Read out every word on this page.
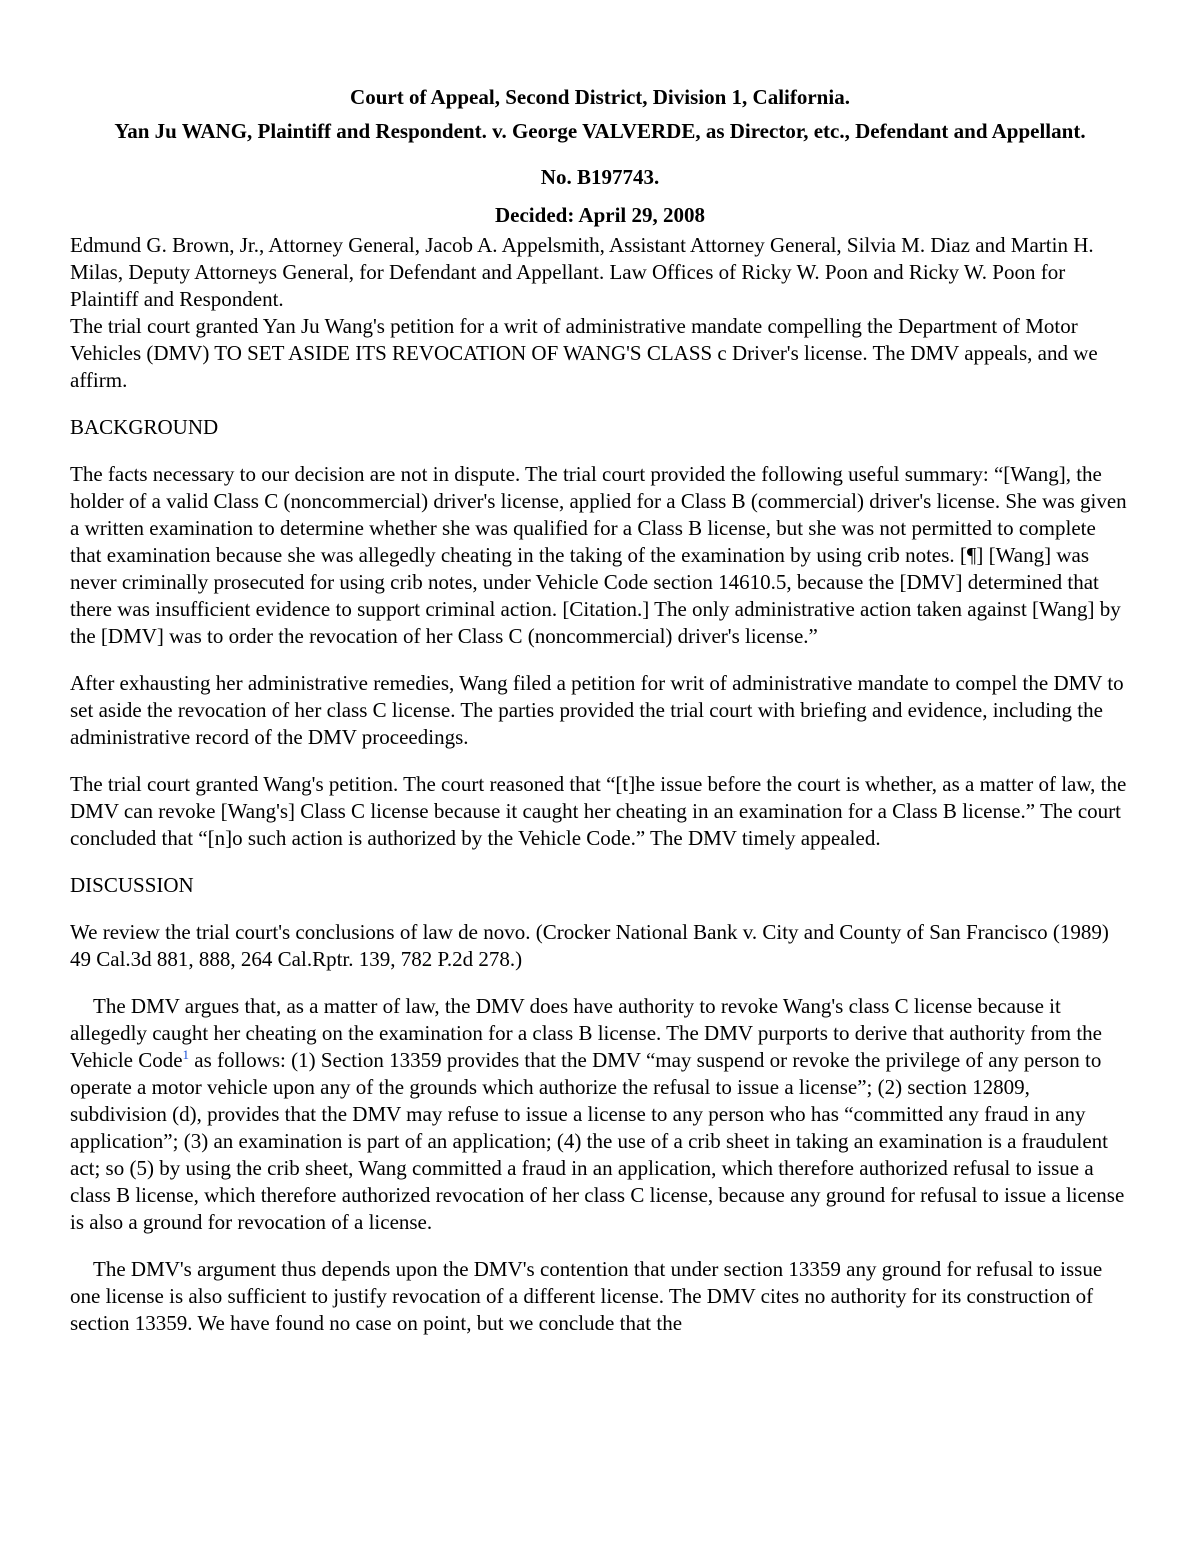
Court of Appeal, Second District, Division 1, California.

Yan Ju WANG, Plaintiff and Respondent. v. George VALVERDE, as Director, etc., Defendant and Appellant.

No. B197743.

Decided: April 29, 2008

Edmund G. Brown, Jr., Attorney General, Jacob A. Appelsmith, Assistant Attorney General, Silvia M. Diaz and Martin H. Milas, Deputy Attorneys General, for Defendant and Appellant. Law Offices of Ricky W. Poon and Ricky W. Poon for Plaintiff and Respondent.

The trial court granted Yan Ju Wang's petition for a writ of administrative mandate compelling the Department of Motor Vehicles (DMV) TO SET ASIDE ITS REVOCATION OF WANG'S CLASS c Driver's license. The DMV appeals, and we affirm.

BACKGROUND

The facts necessary to our decision are not in dispute. The trial court provided the following useful summary: “[Wang], the holder of a valid Class C (noncommercial) driver's license, applied for a Class B (commercial) driver's license. She was given a written examination to determine whether she was qualified for a Class B license, but she was not permitted to complete that examination because she was allegedly cheating in the taking of the examination by using crib notes. [¶] [Wang] was never criminally prosecuted for using crib notes, under Vehicle Code section 14610.5, because the [DMV] determined that there was insufficient evidence to support criminal action. [Citation.] The only administrative action taken against [Wang] by the [DMV] was to order the revocation of her Class C (noncommercial) driver's license.”

After exhausting her administrative remedies, Wang filed a petition for writ of administrative mandate to compel the DMV to set aside the revocation of her class C license. The parties provided the trial court with briefing and evidence, including the administrative record of the DMV proceedings.

The trial court granted Wang's petition. The court reasoned that “[t]he issue before the court is whether, as a matter of law, the DMV can revoke [Wang's] Class C license because it caught her cheating in an examination for a Class B license.” The court concluded that “[n]o such action is authorized by the Vehicle Code.” The DMV timely appealed.

DISCUSSION

We review the trial court's conclusions of law de novo. (Crocker National Bank v. City and County of San Francisco (1989) 49 Cal.3d 881, 888, 264 Cal.Rptr. 139, 782 P.2d 278.)

The DMV argues that, as a matter of law, the DMV does have authority to revoke Wang's class C license because it allegedly caught her cheating on the examination for a class B license. The DMV purports to derive that authority from the Vehicle Code$^1$ as follows: (1) Section 13359 provides that the DMV “may suspend or revoke the privilege of any person to operate a motor vehicle upon any of the grounds which authorize the refusal to issue a license”; (2) section 12809, subdivision (d), provides that the DMV may refuse to issue a license to any person who has “committed any fraud in any application”; (3) an examination is part of an application; (4) the use of a crib sheet in taking an examination is a fraudulent act; so (5) by using the crib sheet, Wang committed a fraud in an application, which therefore authorized refusal to issue a class B license, which therefore authorized revocation of her class C license, because any ground for refusal to issue a license is also a ground for revocation of a license.

The DMV's argument thus depends upon the DMV's contention that under section 13359 any ground for refusal to issue one license is also sufficient to justify revocation of a different license. The DMV cites no authority for its construction of section 13359. We have found no case on point, but we conclude that the
